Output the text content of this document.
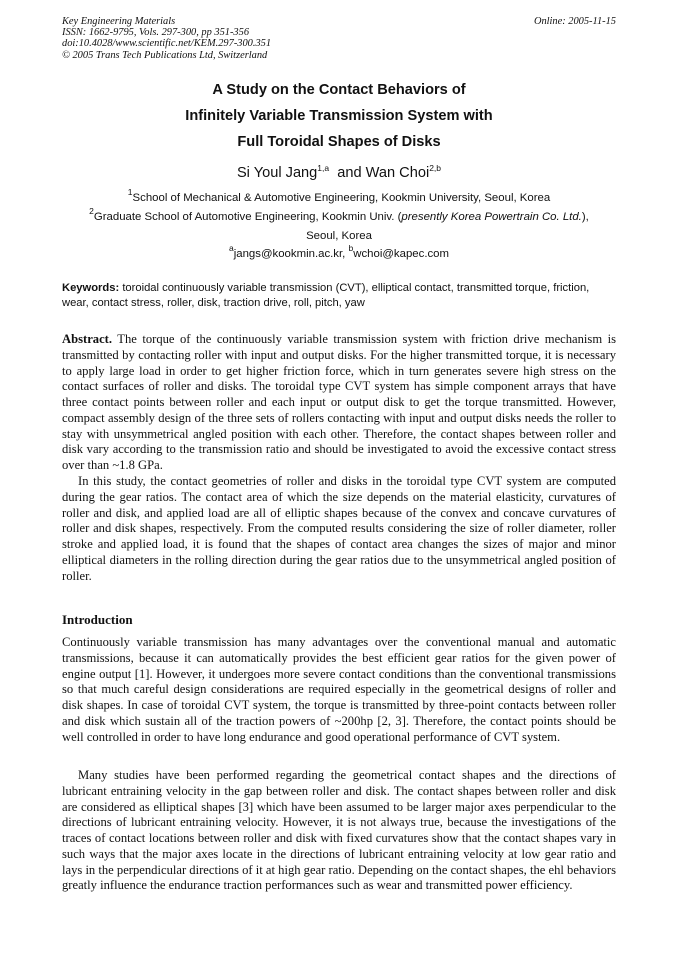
Key Engineering Materials
ISSN: 1662-9795, Vols. 297-300, pp 351-356
doi:10.4028/www.scientific.net/KEM.297-300.351
© 2005 Trans Tech Publications Ltd, Switzerland
Online: 2005-11-15
A Study on the Contact Behaviors of
Infinitely Variable Transmission System with
Full Toroidal Shapes of Disks
Si Youl Jang$^{1,a}$ and Wan Choi$^{2,b}$
$^1$School of Mechanical & Automotive Engineering, Kookmin University, Seoul, Korea
$^2$Graduate School of Automotive Engineering, Kookmin Univ. (presently Korea Powertrain Co. Ltd.),
Seoul, Korea
$^a$jangs@kookmin.ac.kr, $^b$wchoi@kapec.com
Keywords: toroidal continuously variable transmission (CVT), elliptical contact, transmitted torque, friction, wear, contact stress, roller, disk, traction drive, roll, pitch, yaw

Abstract. The torque of the continuously variable transmission system with friction drive mechanism is transmitted by contacting roller with input and output disks. For the higher transmitted torque, it is necessary to apply large load in order to get higher friction force, which in turn generates severe high stress on the contact surfaces of roller and disks. The toroidal type CVT system has simple component arrays that have three contact points between roller and each input or output disk to get the torque transmitted. However, compact assembly design of the three sets of rollers contacting with input and output disks needs the roller to stay with unsymmetrical angled position with each other. Therefore, the contact shapes between roller and disk vary according to the transmission ratio and should be investigated to avoid the excessive contact stress over than ~1.8 GPa.

In this study, the contact geometries of roller and disks in the toroidal type CVT system are computed during the gear ratios. The contact area of which the size depends on the material elasticity, curvatures of roller and disk, and applied load are all of elliptic shapes because of the convex and concave curvatures of roller and disk shapes, respectively. From the computed results considering the size of roller diameter, roller stroke and applied load, it is found that the shapes of contact area changes the sizes of major and minor elliptical diameters in the rolling direction during the gear ratios due to the unsymmetrical angled position of roller.

Introduction

Continuously variable transmission has many advantages over the conventional manual and automatic transmissions, because it can automatically provides the best efficient gear ratios for the given power of engine output [1]. However, it undergoes more severe contact conditions than the conventional transmissions so that much careful design considerations are required especially in the geometrical designs of roller and disk shapes. In case of toroidal CVT system, the torque is transmitted by three-point contacts between roller and disk which sustain all of the traction powers of ~200hp [2, 3]. Therefore, the contact points should be well controlled in order to have long endurance and good operational performance of CVT system.

Many studies have been performed regarding the geometrical contact shapes and the directions of lubricant entraining velocity in the gap between roller and disk. The contact shapes between roller and disk are considered as elliptical shapes [3] which have been assumed to be larger major axes perpendicular to the directions of lubricant entraining velocity. However, it is not always true, because the investigations of the traces of contact locations between roller and disk with fixed curvatures show that the contact shapes vary in such ways that the major axes locate in the directions of lubricant entraining velocity at low gear ratio and lays in the perpendicular directions of it at high gear ratio. Depending on the contact shapes, the ehl behaviors greatly influence the endurance traction performances such as wear and transmitted power efficiency.
